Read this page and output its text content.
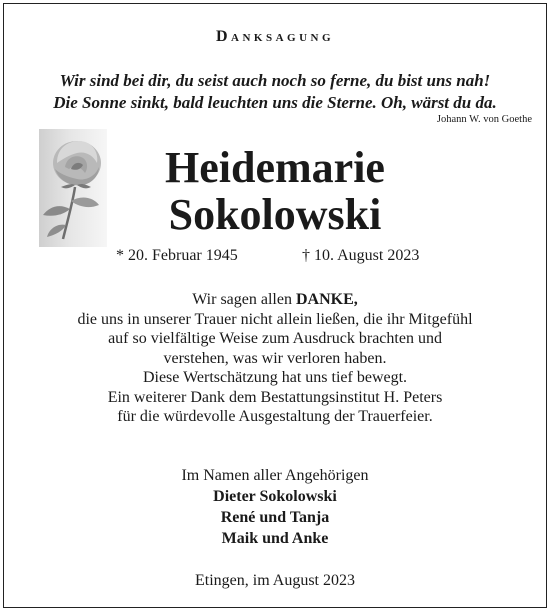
Danksagung
Wir sind bei dir, du seist auch noch so ferne, du bist uns nah!
Die Sonne sinkt, bald leuchten uns die Sterne. Oh, wärst du da.
Johann W. von Goethe
Heidemarie
Sokolowski
* 20. Februar 1945	† 10. August 2023
Wir sagen allen DANKE,
die uns in unserer Trauer nicht allein ließen, die ihr Mitgefühl
auf so vielfältige Weise zum Ausdruck brachten und
verstehen, was wir verloren haben.
Diese Wertschätzung hat uns tief bewegt.
Ein weiterer Dank dem Bestattungsinstitut H. Peters
für die würdevolle Ausgestaltung der Trauerfeier.
Im Namen aller Angehörigen
Dieter Sokolowski
René und Tanja
Maik und Anke
Etingen, im August 2023
